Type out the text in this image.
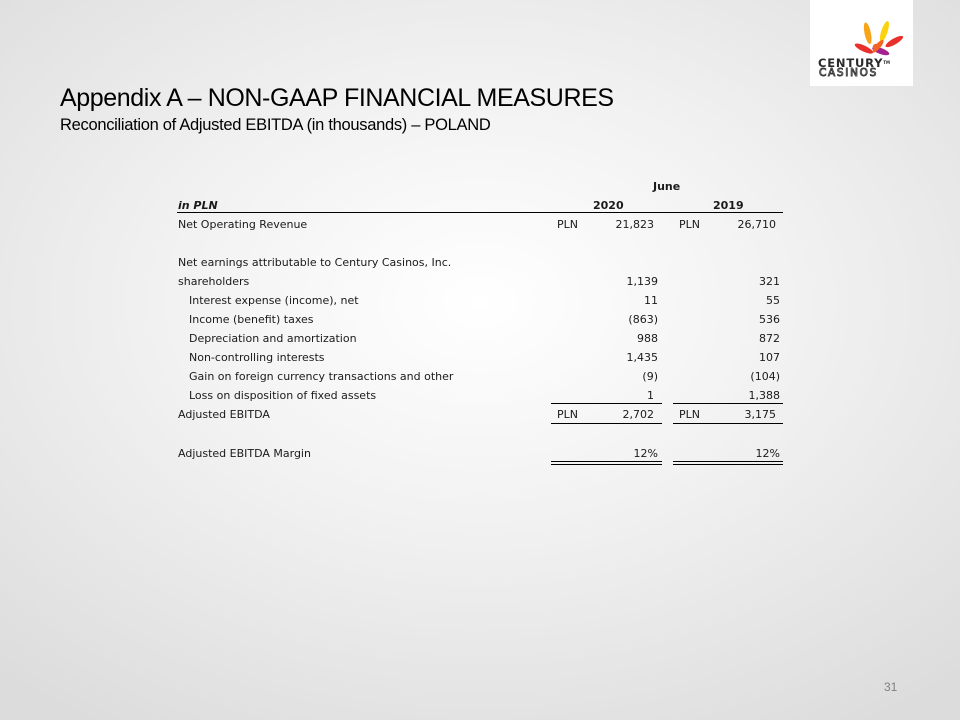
CENTURY™
CASINOS
Appendix A – NON-GAAP FINANCIAL MEASURES
Reconciliation of Adjusted EBITDA (in thousands) – POLAND
June
in PLN	2020	2019
Net Operating Revenue	PLN	21,823 PLN	26,710
Net earnings attributable to Century Casinos, Inc.
shareholders	1,139	321
Interest expense (income), net	11	55
Income (benefit) taxes	(863)	536
Depreciation and amortization	988	872
Non-controlling interests	1,435	107
Gain on foreign currency transactions and other	(9)	(104)
Loss on disposition of fixed assets	1	1,388
Adjusted EBITDA	PLN	2,702 PLN	3,175
Adjusted EBITDA Margin	12%	12%
31
